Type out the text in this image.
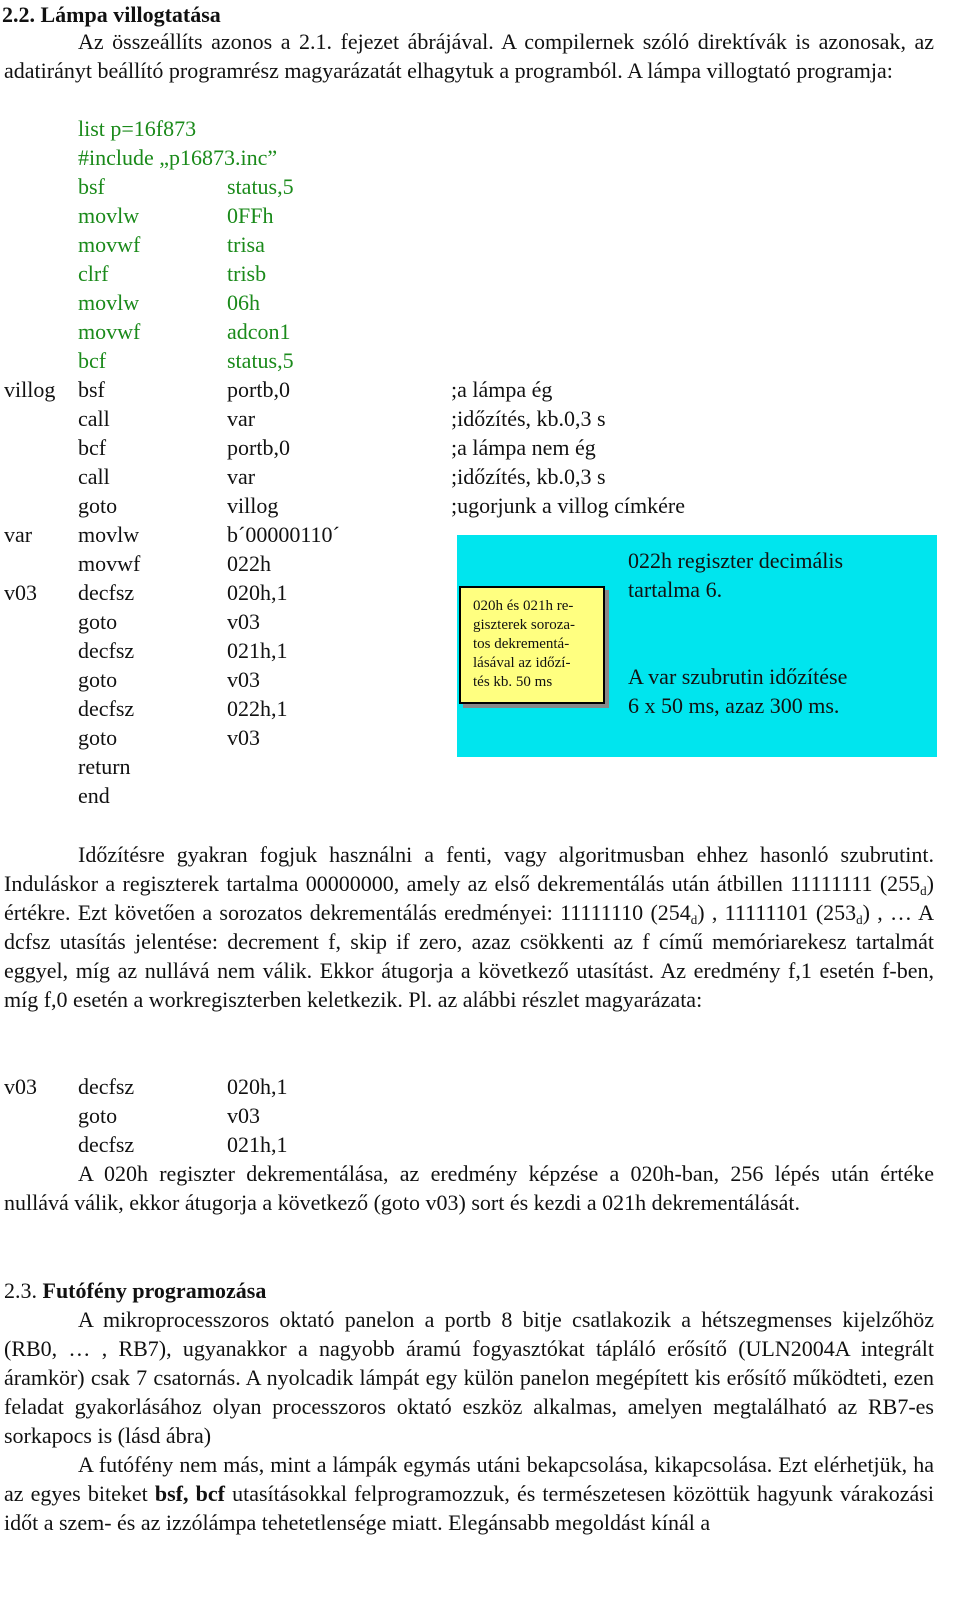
2.2. Lámpa villogtatása

Az összeállíts azonos a 2.1. fejezet ábrájával. A compilernek szóló direktívák is azonosak, az adatirányt beállító programrész magyarázatát elhagytuk a programból. A lámpa villogtató programja:

list p=16f873
#include „p16873.inc”
bsf	status,5
movlw	0FFh
movwf	trisa
clrf	trisb
movlw	06h
movwf	adcon1
bcf	status,5
022h regiszter decimális
tartalma 6.
A var szubrutin időzítése
6 x 50 ms, azaz 300 ms.
020h és 021h re-
giszterek soroza-
tos dekrementá-
lásával az időzí-
tés kb. 50 ms
villog bsf	portb,0	;a lámpa ég
call	var	;időzítés, kb.0,3 s
bcf	portb,0	;a lámpa nem ég
call	var	;időzítés, kb.0,3 s
goto	villog	;ugorjunk a villog címkére
var movlw	b´00000110´
movwf	022h
v03 decfsz	020h,1
goto	v03
decfsz	021h,1
goto	v03
decfsz	022h,1
goto	v03
return
end

Időzítésre gyakran fogjuk használni a fenti, vagy algoritmusban ehhez hasonló szubrutint. Induláskor a regiszterek tartalma 00000000, amely az első dekrementálás után átbillen 11111111 $(255_d)$ értékre. Ezt követően a sorozatos dekrementálás eredményei: 11111110 $(254_d)$ , 11111101 $(253_d)$ , … A dcfsz utasítás jelentése: decrement f, skip if zero, azaz csökkenti az f című memóriarekesz tartalmát eggyel, míg az nullává nem válik. Ekkor átugorja a következő utasítást. Az eredmény f,1 esetén f-ben, míg f,0 esetén a workregiszterben keletkezik. Pl. az alábbi részlet magyarázata:

v03 decfsz	020h,1
goto	v03
decfsz	021h,1

A 020h regiszter dekrementálása, az eredmény képzése a 020h-ban, 256 lépés után értéke nullává válik, ekkor átugorja a következő (goto v03) sort és kezdi a 021h dekrementálását.

2.3. Futófény programozása

A mikroprocesszoros oktató panelon a portb 8 bitje csatlakozik a hétszegmenses kijelzőhöz (RB0, … , RB7), ugyanakkor a nagyobb áramú fogyasztókat tápláló erősítő (ULN2004A integrált áramkör) csak 7 csatornás. A nyolcadik lámpát egy külön panelon megépített kis erősítő működteti, ezen feladat gyakorlásához olyan processzoros oktató eszköz alkalmas, amelyen megtalálható az RB7-es sorkapocs is (lásd ábra)

A futófény nem más, mint a lámpák egymás utáni bekapcsolása, kikapcsolása. Ezt elérhetjük, ha az egyes biteket bsf, bcf utasításokkal felprogramozzuk, és természetesen közöttük hagyunk várakozási időt a szem- és az izzólámpa tehetetlensége miatt. Elegánsabb megoldást kínál a
